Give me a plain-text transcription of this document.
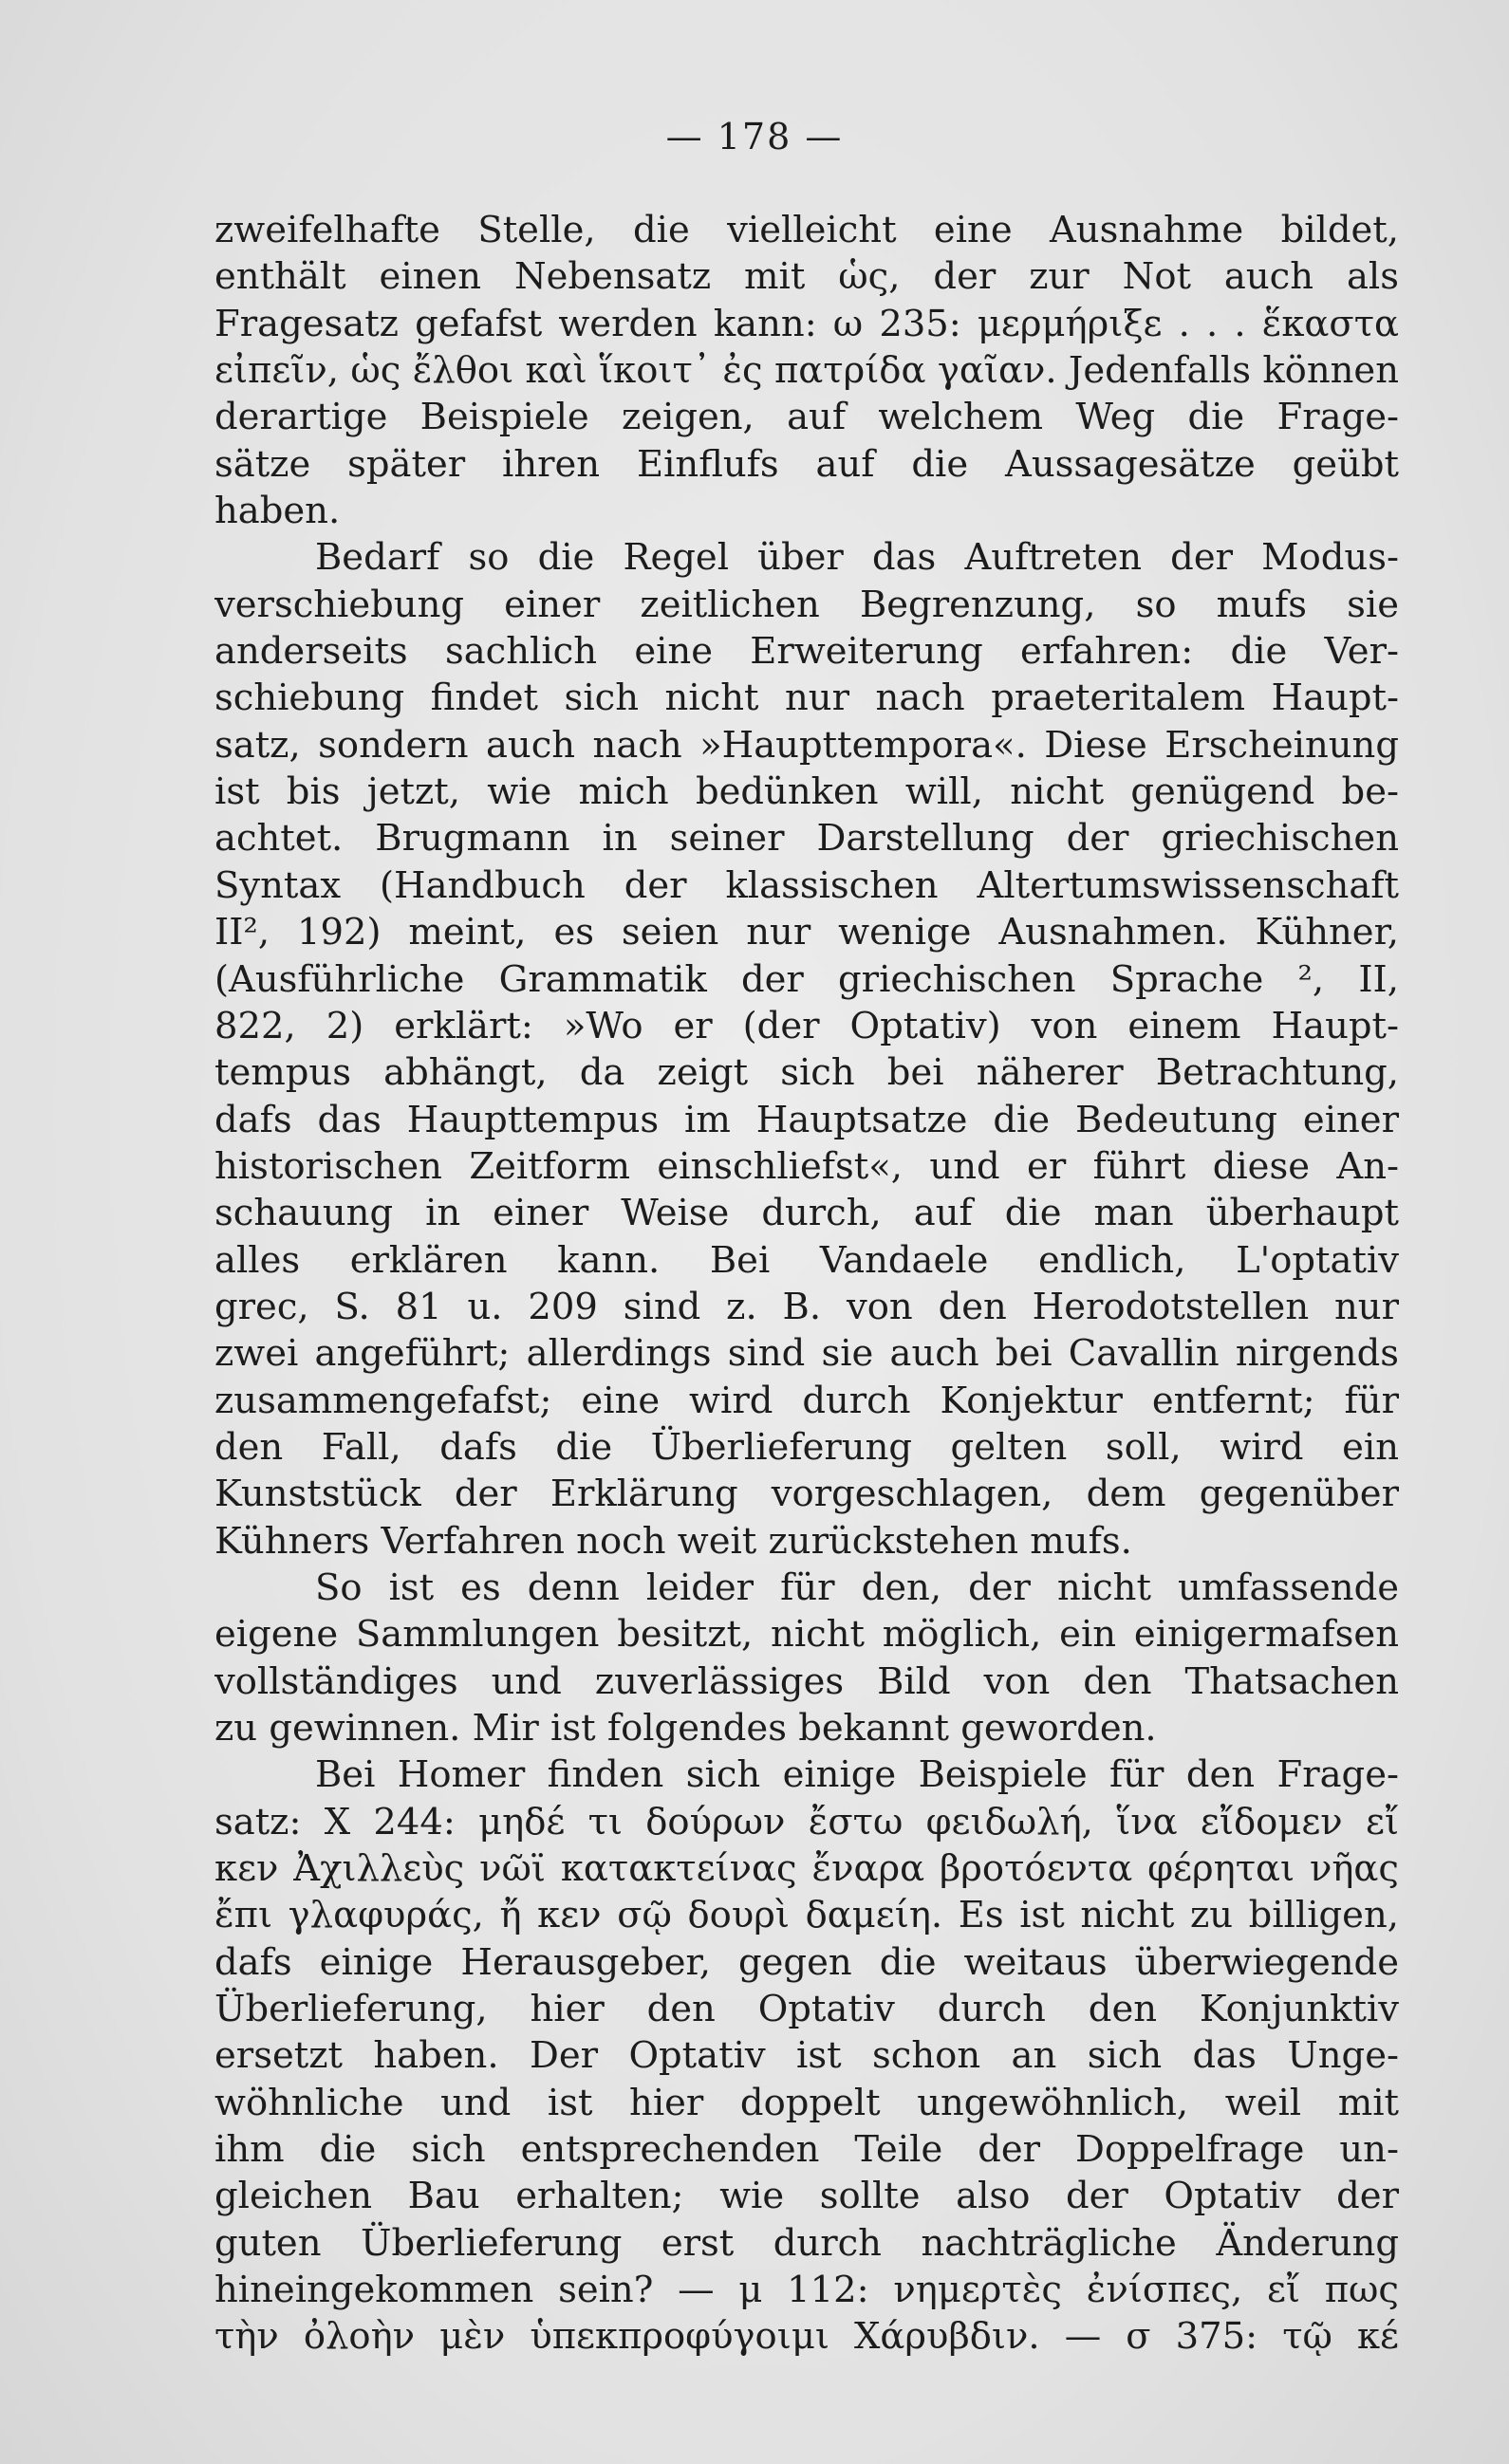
— 178 —
zweifelhafte Stelle, die vielleicht eine Ausnahme bildet,
enthält einen Nebensatz mit ὡς, der zur Not auch als
Fragesatz gefafst werden kann: ω 235: μερμήριξε . . . ἕκαστα
εἰπεῖν, ὡς ἔλθοι καὶ ἵκοιτ᾽ ἐς πατρίδα γαῖαν. Jedenfalls können
derartige Beispiele zeigen, auf welchem Weg die Frage-
sätze später ihren Einflufs auf die Aussagesätze geübt
haben.
Bedarf so die Regel über das Auftreten der Modus-
verschiebung einer zeitlichen Begrenzung, so mufs sie
anderseits sachlich eine Erweiterung erfahren: die Ver-
schiebung findet sich nicht nur nach praeteritalem Haupt-
satz, sondern auch nach »Haupttempora«. Diese Erscheinung
ist bis jetzt, wie mich bedünken will, nicht genügend be-
achtet. Brugmann in seiner Darstellung der griechischen
Syntax (Handbuch der klassischen Altertumswissenschaft
II², 192) meint, es seien nur wenige Ausnahmen. Kühner,
(Ausführliche Grammatik der griechischen Sprache ², II,
822, 2) erklärt: »Wo er (der Optativ) von einem Haupt-
tempus abhängt, da zeigt sich bei näherer Betrachtung,
dafs das Haupttempus im Hauptsatze die Bedeutung einer
historischen Zeitform einschliefst«, und er führt diese An-
schauung in einer Weise durch, auf die man überhaupt
alles erklären kann. Bei Vandaele endlich, L'optativ
grec, S. 81 u. 209 sind z. B. von den Herodotstellen nur
zwei angeführt; allerdings sind sie auch bei Cavallin nirgends
zusammengefafst; eine wird durch Konjektur entfernt; für
den Fall, dafs die Überlieferung gelten soll, wird ein
Kunststück der Erklärung vorgeschlagen, dem gegenüber
Kühners Verfahren noch weit zurückstehen mufs.
So ist es denn leider für den, der nicht umfassende
eigene Sammlungen besitzt, nicht möglich, ein einigermafsen
vollständiges und zuverlässiges Bild von den Thatsachen
zu gewinnen. Mir ist folgendes bekannt geworden.
Bei Homer finden sich einige Beispiele für den Frage-
satz: X 244: μηδέ τι δούρων ἔστω φειδωλή, ἵνα εἴδομεν εἴ
κεν Ἀχιλλεὺς νῶϊ κατακτείνας ἔναρα βροτόεντα φέρηται νῆας
ἔπι γλαφυράς, ἤ κεν σῷ δουρὶ δαμείη. Es ist nicht zu billigen,
dafs einige Herausgeber, gegen die weitaus überwiegende
Überlieferung, hier den Optativ durch den Konjunktiv
ersetzt haben. Der Optativ ist schon an sich das Unge-
wöhnliche und ist hier doppelt ungewöhnlich, weil mit
ihm die sich entsprechenden Teile der Doppelfrage un-
gleichen Bau erhalten; wie sollte also der Optativ der
guten Überlieferung erst durch nachträgliche Änderung
hineingekommen sein? — μ 112: νημερτὲς ἐνίσπες, εἴ πως
τὴν ὀλοὴν μὲν ὑπεκπροφύγοιμι Χάρυβδιν. — σ 375: τῷ κέ
